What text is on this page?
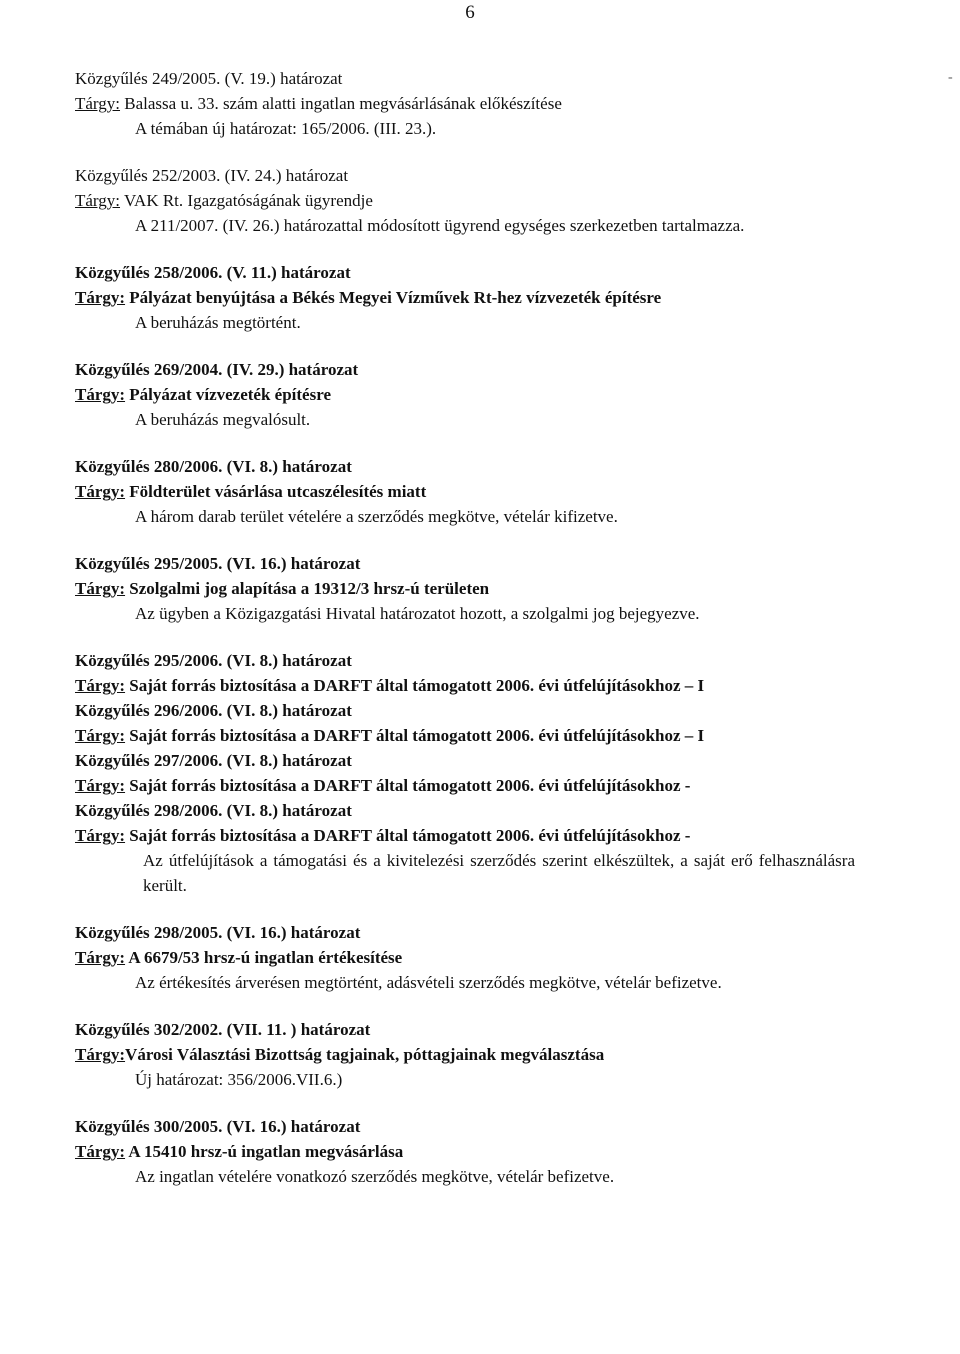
6
-
Közgyűlés 249/2005. (V. 19.) határozat
Tárgy: Balassa u. 33. szám alatti ingatlan megvásárlásának előkészítése
A témában új határozat: 165/2006. (III. 23.).
Közgyűlés 252/2003. (IV. 24.) határozat
Tárgy: VAK Rt. Igazgatóságának ügyrendje
A 211/2007. (IV. 26.) határozattal módosított ügyrend egységes szerkezetben tartalmazza.
Közgyűlés 258/2006. (V. 11.) határozat
Tárgy: Pályázat benyújtása a Békés Megyei Vízművek Rt-hez vízvezeték építésre
A beruházás megtörtént.
Közgyűlés 269/2004. (IV. 29.) határozat
Tárgy: Pályázat vízvezeték építésre
A beruházás megvalósult.
Közgyűlés 280/2006. (VI. 8.) határozat
Tárgy: Földterület vásárlása utcaszélesítés miatt
A három darab terület vételére a szerződés megkötve, vételár kifizetve.
Közgyűlés 295/2005. (VI. 16.) határozat
Tárgy: Szolgalmi jog alapítása a 19312/3 hrsz-ú területen
Az ügyben a Közigazgatási Hivatal határozatot hozott, a szolgalmi jog bejegyezve.
Közgyűlés 295/2006. (VI. 8.) határozat
Tárgy: Saját forrás biztosítása a DARFT által támogatott 2006. évi útfelújításokhoz – I
Közgyűlés 296/2006. (VI. 8.) határozat
Tárgy: Saját forrás biztosítása a DARFT által támogatott 2006. évi útfelújításokhoz – I
Közgyűlés 297/2006. (VI. 8.) határozat
Tárgy: Saját forrás biztosítása a DARFT által támogatott 2006. évi útfelújításokhoz -
Közgyűlés 298/2006. (VI. 8.) határozat
Tárgy: Saját forrás biztosítása a DARFT által támogatott 2006. évi útfelújításokhoz -
Az útfelújítások a támogatási és a kivitelezési szerződés szerint elkészültek, a saját erő felhasználásra került.
Közgyűlés 298/2005. (VI. 16.) határozat
Tárgy: A 6679/53 hrsz-ú ingatlan értékesítése
Az értékesítés árverésen megtörtént, adásvételi szerződés megkötve, vételár befizetve.
Közgyűlés 302/2002. (VII. 11. ) határozat
Tárgy:Városi Választási Bizottság tagjainak, póttagjainak megválasztása
Új határozat: 356/2006.VII.6.)
Közgyűlés 300/2005. (VI. 16.) határozat
Tárgy: A 15410 hrsz-ú ingatlan megvásárlása
Az ingatlan vételére vonatkozó szerződés megkötve, vételár befizetve.
